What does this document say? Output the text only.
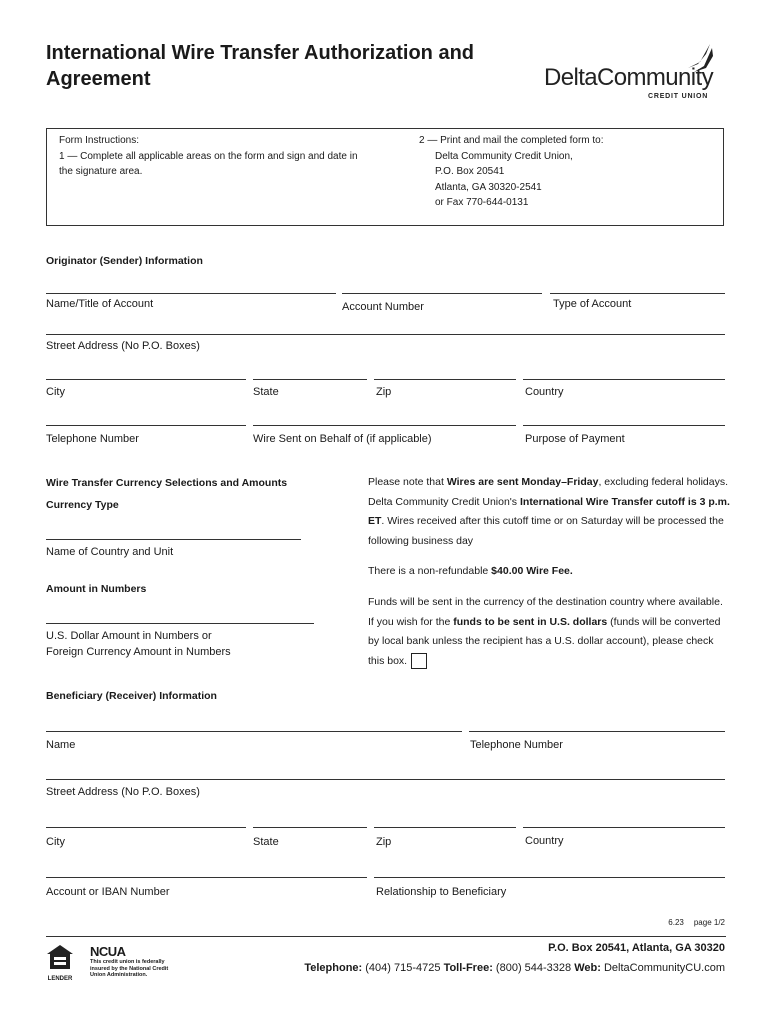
International Wire Transfer Authorization and
Agreement	DeltaCommunity
CREDIT UNION
Form Instructions:
1 — Complete all applicable areas on the form and sign and date in
the signature area.
2 — Print and mail the completed form to:
Delta Community Credit Union,
P.O. Box 20541
Atlanta, GA 30320-2541
or Fax 770-644-0131
Originator (Sender) Information
Name/Title of Account	Account Number	Type of Account
Street Address (No P.O. Boxes)
City	State	Zip	Country
Telephone Number	Wire Sent on Behalf of (if applicable)	Purpose of Payment
Wire Transfer Currency Selections and Amounts
Currency Type
Name of Country and Unit
Amount in Numbers
U.S. Dollar Amount in Numbers or
Foreign Currency Amount in Numbers
Please note that Wires are sent Monday–Friday, excluding federal holidays. Delta Community Credit Union's International Wire Transfer cutoff is 3 p.m. ET. Wires received after this cutoff time or on Saturday will be processed the following business day
There is a non-refundable $40.00 Wire Fee.
Funds will be sent in the currency of the destination country where available. If you wish for the funds to be sent in U.S. dollars (funds will be converted by local bank unless the recipient has a U.S. dollar account), please check this box.
Beneficiary (Receiver) Information
Name	Telephone Number
Street Address (No P.O. Boxes)
City	State	Zip	Country
Account or IBAN Number	Relationship to Beneficiary
6.23 page 1/2
LENDER
NCUA
This credit union is federally
insured by the National Credit
Union Administration.
P.O. Box 20541, Atlanta, GA 30320
Telephone: (404) 715-4725 Toll-Free: (800) 544-3328 Web: DeltaCommunityCU.com
